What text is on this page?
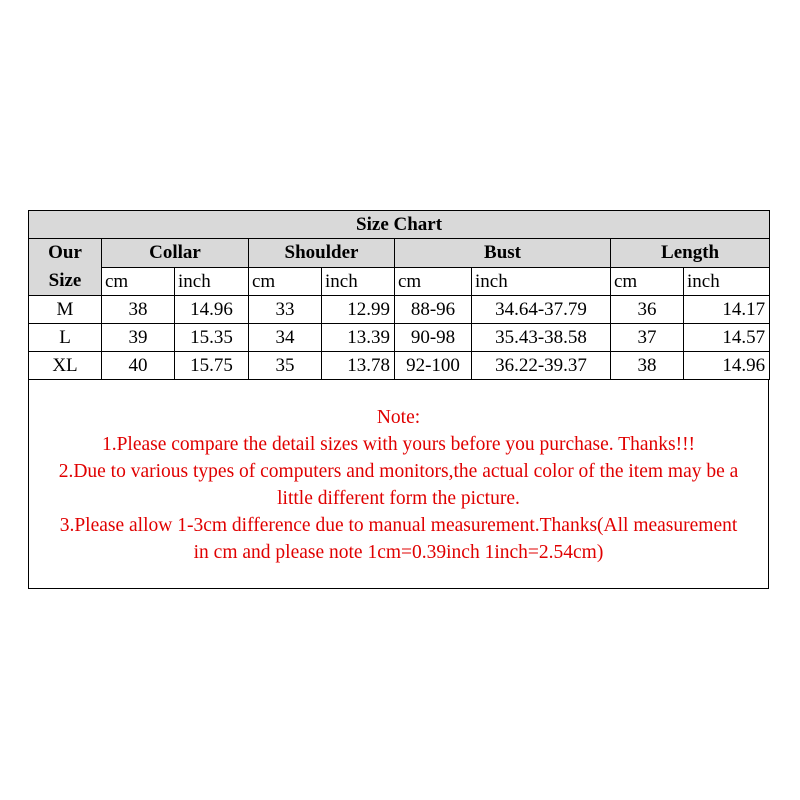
Size Chart								

Our
Size	Collar		Shoulder		Bust		Length	
	cm	inch	cm	inch	cm	inch	cm	inch
M	38	14.96	33	12.99	88-96	34.64-37.79	36	14.17
L	39	15.35	34	13.39	90-98	35.43-38.58	37	14.57
XL	40	15.75	35	13.78	92-100	36.22-39.37	38	14.96

Note:

1.Please compare the detail sizes with yours before you purchase. Thanks!!!

2.Due to various types of computers and monitors,the actual color of the item may be a

little different form the picture.

3.Please allow 1-3cm difference due to manual measurement.Thanks(All measurement

in cm and please note 1cm=0.39inch 1inch=2.54cm)
